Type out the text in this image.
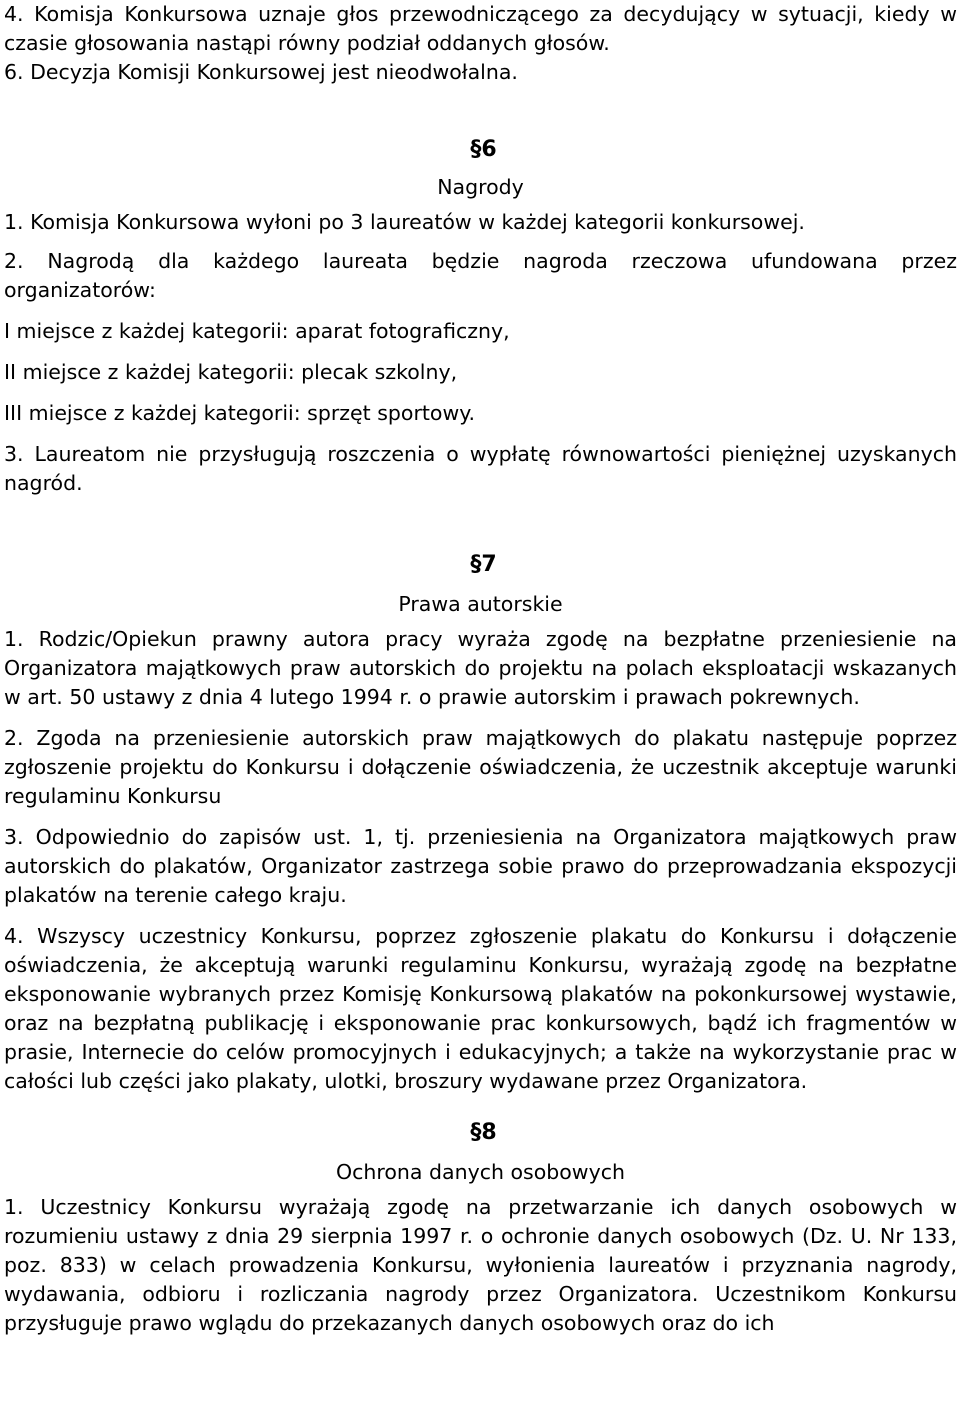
4. Komisja Konkursowa uznaje głos przewodniczącego za decydujący w sytuacji, kiedy w czasie głosowania nastąpi równy podział oddanych głosów.

6. Decyzja Komisji Konkursowej jest nieodwołalna.

§6
Nagrody

1. Komisja Konkursowa wyłoni po 3 laureatów w każdej kategorii konkursowej.

2. Nagrodą dla każdego laureata będzie nagroda rzeczowa ufundowana przez organizatorów:

I miejsce z każdej kategorii: aparat fotograficzny,

II miejsce z każdej kategorii: plecak szkolny,

III miejsce z każdej kategorii: sprzęt sportowy.

3. Laureatom nie przysługują roszczenia o wypłatę równowartości pieniężnej uzyskanych nagród.

§7
Prawa autorskie

1. Rodzic/Opiekun prawny autora pracy wyraża zgodę na bezpłatne przeniesienie na Organizatora majątkowych praw autorskich do projektu na polach eksploatacji wskazanych w art. 50 ustawy z dnia 4 lutego 1994 r. o prawie autorskim i prawach pokrewnych.

2. Zgoda na przeniesienie autorskich praw majątkowych do plakatu następuje poprzez zgłoszenie projektu do Konkursu i dołączenie oświadczenia, że uczestnik akceptuje warunki regulaminu Konkursu

3. Odpowiednio do zapisów ust. 1, tj. przeniesienia na Organizatora majątkowych praw autorskich do plakatów, Organizator zastrzega sobie prawo do przeprowadzania ekspozycji plakatów na terenie całego kraju.

4. Wszyscy uczestnicy Konkursu, poprzez zgłoszenie plakatu do Konkursu i dołączenie oświadczenia, że akceptują warunki regulaminu Konkursu, wyrażają zgodę na bezpłatne eksponowanie wybranych przez Komisję Konkursową plakatów na pokonkursowej wystawie, oraz na bezpłatną publikację i eksponowanie prac konkursowych, bądź ich fragmentów w prasie, Internecie do celów promocyjnych i edukacyjnych; a także na wykorzystanie prac w całości lub części jako plakaty, ulotki, broszury wydawane przez Organizatora.

§8
Ochrona danych osobowych

1. Uczestnicy Konkursu wyrażają zgodę na przetwarzanie ich danych osobowych w rozumieniu ustawy z dnia 29 sierpnia 1997 r. o ochronie danych osobowych (Dz. U. Nr 133, poz. 833) w celach prowadzenia Konkursu, wyłonienia laureatów i przyznania nagrody, wydawania, odbioru i rozliczania nagrody przez Organizatora. Uczestnikom Konkursu przysługuje prawo wglądu do przekazanych danych osobowych oraz do ich
